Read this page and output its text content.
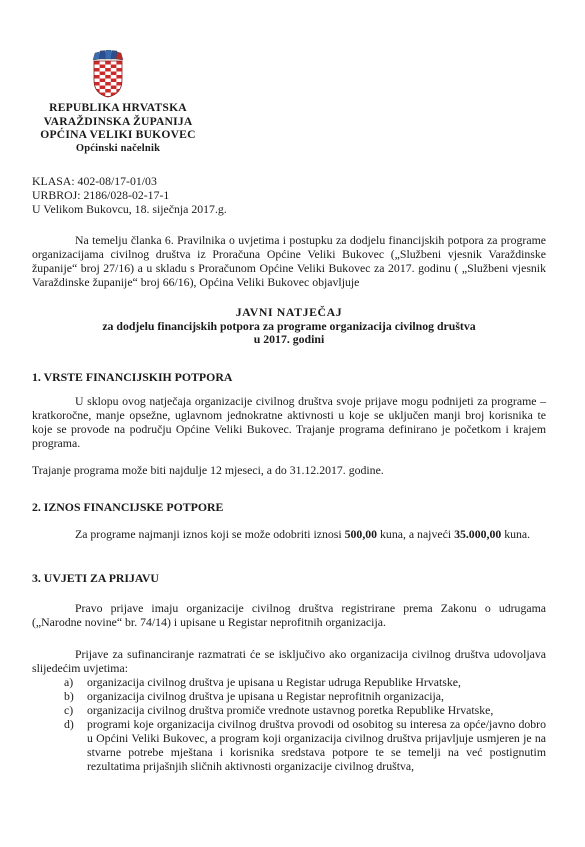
REPUBLIKA HRVATSKA
VARAŽDINSKA ŽUPANIJA
OPĆINA VELIKI BUKOVEC
Općinski načelnik
KLASA: 402-08/17-01/03
URBROJ: 2186/028-02-17-1
U Velikom Bukovcu, 18. siječnja 2017.g.
Na temelju članka 6. Pravilnika o uvjetima i postupku za dodjelu financijskih potpora za programe organizacijama civilnog društva iz Proračuna Općine Veliki Bukovec („Službeni vjesnik Varaždinske županije“ broj 27/16) a u skladu s Proračunom Općine Veliki Bukovec za 2017. godinu ( „Službeni vjesnik Varaždinske županije“ broj 66/16), Općina Veliki Bukovec objavljuje
JAVNI NATJEČAJ
za dodjelu financijskih potpora za programe organizacija civilnog društva
u 2017. godini
1. VRSTE FINANCIJSKIH POTPORA
U sklopu ovog natječaja organizacije civilnog društva svoje prijave mogu podnijeti za programe – kratkoročne, manje opsežne, uglavnom jednokratne aktivnosti u koje se uključen manji broj korisnika te koje se provode na području Općine Veliki Bukovec. Trajanje programa definirano je početkom i krajem programa.
Trajanje programa može biti najdulje 12 mjeseci, a do 31.12.2017. godine.
2. IZNOS FINANCIJSKE POTPORE
Za programe najmanji iznos koji se može odobriti iznosi 500,00 kuna, a najveći 35.000,00 kuna.
3. UVJETI ZA PRIJAVU
Pravo prijave imaju organizacije civilnog društva registrirane prema Zakonu o udrugama („Narodne novine“ br. 74/14) i upisane u Registar neprofitnih organizacija.
Prijave za sufinanciranje razmatrati će se isključivo ako organizacija civilnog društva udovoljava slijedećim uvjetima:
a) organizacija civilnog društva je upisana u Registar udruga Republike Hrvatske,
b) organizacija civilnog društva je upisana u Registar neprofitnih organizacija,
c) organizacija civilnog društva promiče vrednote ustavnog poretka Republike Hrvatske,
d) programi koje organizacija civilnog društva provodi od osobitog su interesa za opće/javno dobro u Općini Veliki Bukovec, a program koji organizacija civilnog društva prijavljuje usmjeren je na stvarne potrebe mještana i korisnika sredstava potpore te se temelji na već postignutim rezultatima prijašnjih sličnih aktivnosti organizacije civilnog društva,
